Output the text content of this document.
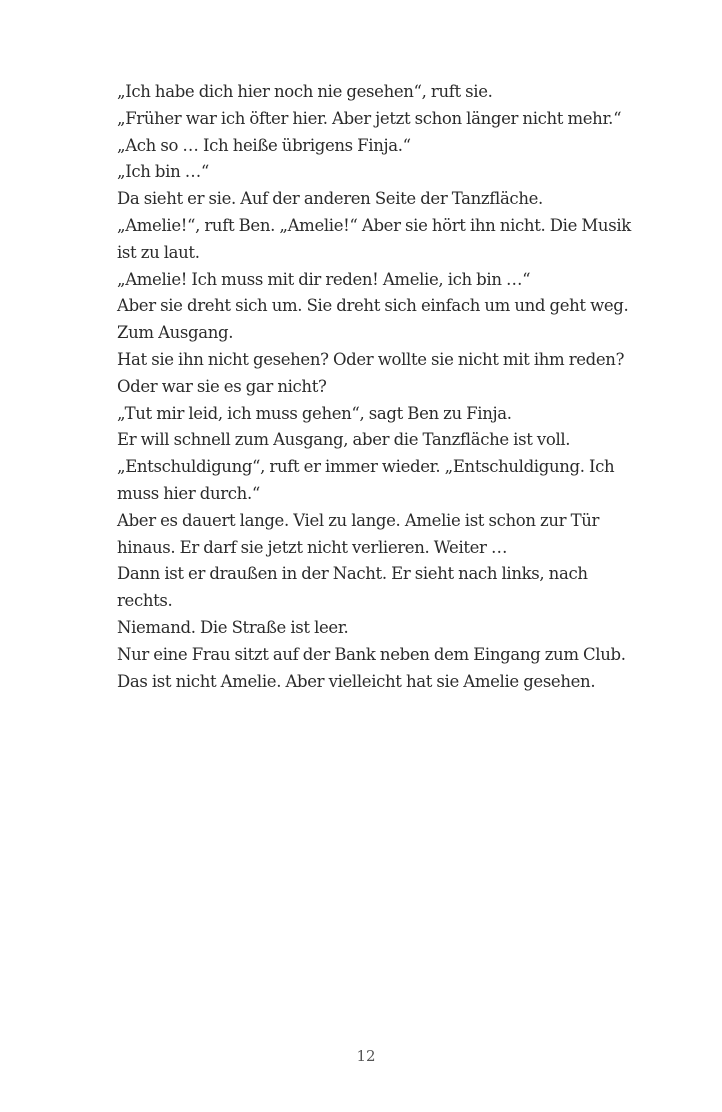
„Ich habe dich hier noch nie gesehen“, ruft sie.
„Früher war ich öfter hier. Aber jetzt schon länger nicht mehr.“
„Ach so … Ich heiße übrigens Finja.“
„Ich bin …“
Da sieht er sie. Auf der anderen Seite der Tanzfläche.
„Amelie!“, ruft Ben. „Amelie!“ Aber sie hört ihn nicht. Die Musik
ist zu laut.
„Amelie! Ich muss mit dir reden! Amelie, ich bin …“
Aber sie dreht sich um. Sie dreht sich einfach um und geht weg.
Zum Ausgang.
Hat sie ihn nicht gesehen? Oder wollte sie nicht mit ihm reden?
Oder war sie es gar nicht?
„Tut mir leid, ich muss gehen“, sagt Ben zu Finja.
Er will schnell zum Ausgang, aber die Tanzfläche ist voll.
„Entschuldigung“, ruft er immer wieder. „Entschuldigung. Ich
muss hier durch.“
Aber es dauert lange. Viel zu lange. Amelie ist schon zur Tür
hinaus. Er darf sie jetzt nicht verlieren. Weiter …
Dann ist er draußen in der Nacht. Er sieht nach links, nach
rechts.
Niemand. Die Straße ist leer.
Nur eine Frau sitzt auf der Bank neben dem Eingang zum Club.
Das ist nicht Amelie. Aber vielleicht hat sie Amelie gesehen.
12
